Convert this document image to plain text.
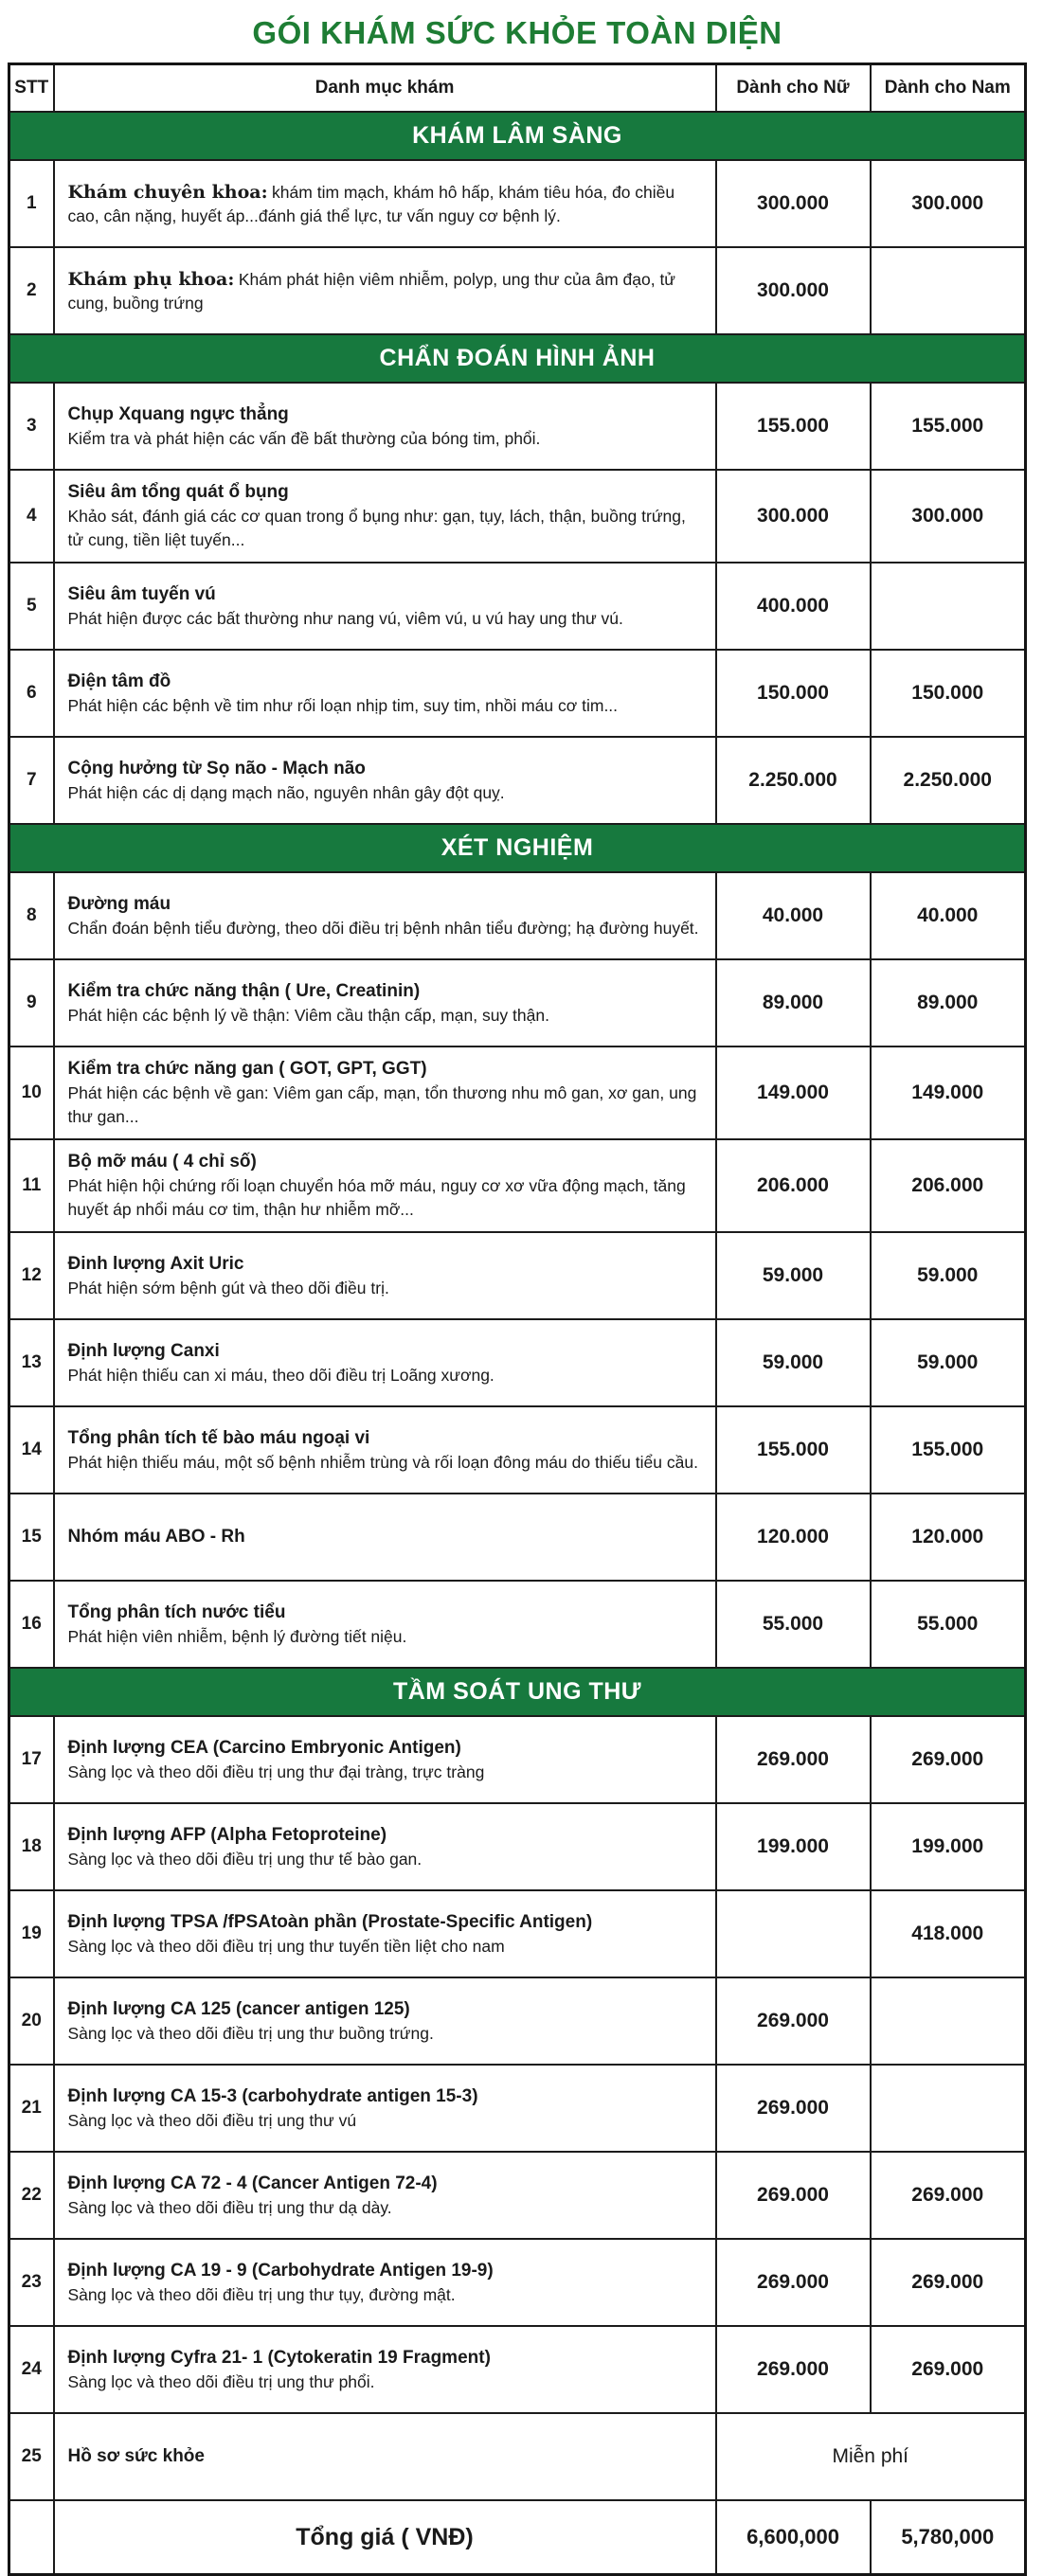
GÓI KHÁM SỨC KHỎE TOÀN DIỆN
STT	Danh mục khám	Dành cho Nữ	Dành cho Nam
KHÁM LÂM SÀNG			
1	Khám chuyên khoa: khám tim mạch, khám hô hấp, khám tiêu hóa, đo chiều cao, cân nặng, huyết áp...đánh giá thể lực, tư vấn nguy cơ bệnh lý.	300.000	300.000
2	Khám phụ khoa: Khám phát hiện viêm nhiễm, polyp, ung thư của âm đạo, tử cung, buồng trứng	300.000	
CHẨN ĐOÁN HÌNH ẢNH			
3	Chụp Xquang ngực thẳng
Kiểm tra và phát hiện các vấn đề bất thường của bóng tim, phổi.	155.000	155.000
4	Siêu âm tổng quát ổ bụng
Khảo sát, đánh giá các cơ quan trong ổ bụng như: gạn, tụy, lách, thận, buồng trứng, tử cung, tiền liệt tuyến...	300.000	300.000
5	Siêu âm tuyến vú
Phát hiện được các bất thường như nang vú, viêm vú, u vú hay ung thư vú.	400.000	
6	Điện tâm đồ
Phát hiện các bệnh về tim như rối loạn nhịp tim, suy tim, nhồi máu cơ tim...	150.000	150.000
7	Cộng hưởng từ Sọ não - Mạch não
Phát hiện các dị dạng mạch não, nguyên nhân gây đột quỵ.	2.250.000	2.250.000
XÉT NGHIỆM			
8	Đường máu
Chẩn đoán bệnh tiểu đường, theo dõi điều trị bệnh nhân tiểu đường; hạ đường huyết.	40.000	40.000
9	Kiểm tra chức năng thận ( Ure, Creatinin)
Phát hiện các bệnh lý về thận: Viêm cầu thận cấp, mạn, suy thận.	89.000	89.000
10	Kiểm tra chức năng gan ( GOT, GPT, GGT)
Phát hiện các bệnh về gan: Viêm gan cấp, mạn, tổn thương nhu mô gan, xơ gan, ung thư gan...	149.000	149.000
11	Bộ mỡ máu ( 4 chỉ số)
Phát hiện hội chứng rối loạn chuyển hóa mỡ máu, nguy cơ xơ vữa động mạch, tăng huyết áp nhổi máu cơ tim, thận hư nhiễm mỡ...	206.000	206.000
12	Đinh lượng Axit Uric
Phát hiện sớm bệnh gút và theo dõi điều trị.	59.000	59.000
13	Định lượng Canxi
Phát hiện thiếu can xi máu, theo dõi điều trị Loãng xương.	59.000	59.000
14	Tổng phân tích tế bào máu ngoại vi
Phát hiện thiếu máu, một số bệnh nhiễm trùng và rối loạn đông máu do thiếu tiểu cầu.	155.000	155.000
15	Nhóm máu ABO - Rh	120.000	120.000
16	Tổng phân tích nước tiểu
Phát hiện viên nhiễm, bệnh lý đường tiết niệu.	55.000	55.000
TẦM SOÁT UNG THƯ			
17	Định lượng CEA (Carcino Embryonic Antigen)
Sàng lọc và theo dõi điều trị ung thư đại tràng, trực tràng	269.000	269.000
18	Định lượng AFP (Alpha Fetoproteine)
Sàng lọc và theo dõi điều trị ung thư tế bào gan.	199.000	199.000
19	Định lượng TPSA /fPSAtoàn phần (Prostate-Specific Antigen)
Sàng lọc và theo dõi điều trị ung thư tuyến tiền liệt cho nam		418.000
20	Định lượng CA 125 (cancer antigen 125)
Sàng lọc và theo dõi điều trị ung thư buồng trứng.	269.000	
21	Định lượng CA 15-3 (carbohydrate antigen 15-3)
Sàng lọc và theo dõi điều trị ung thư vú	269.000	
22	Định lượng CA 72 - 4 (Cancer Antigen 72-4)
Sàng lọc và theo dõi điều trị ung thư dạ dày.	269.000	269.000
23	Định lượng CA 19 - 9 (Carbohydrate Antigen 19-9)
Sàng lọc và theo dõi điều trị ung thư tụy, đường mật.	269.000	269.000
24	Định lượng Cyfra 21- 1 (Cytokeratin 19 Fragment)
Sàng lọc và theo dõi điều trị ung thư phổi.	269.000	269.000
25	Hồ sơ sức khỏe	Miễn phí	
	Tổng giá ( VNĐ)	6,600,000	5,780,000
